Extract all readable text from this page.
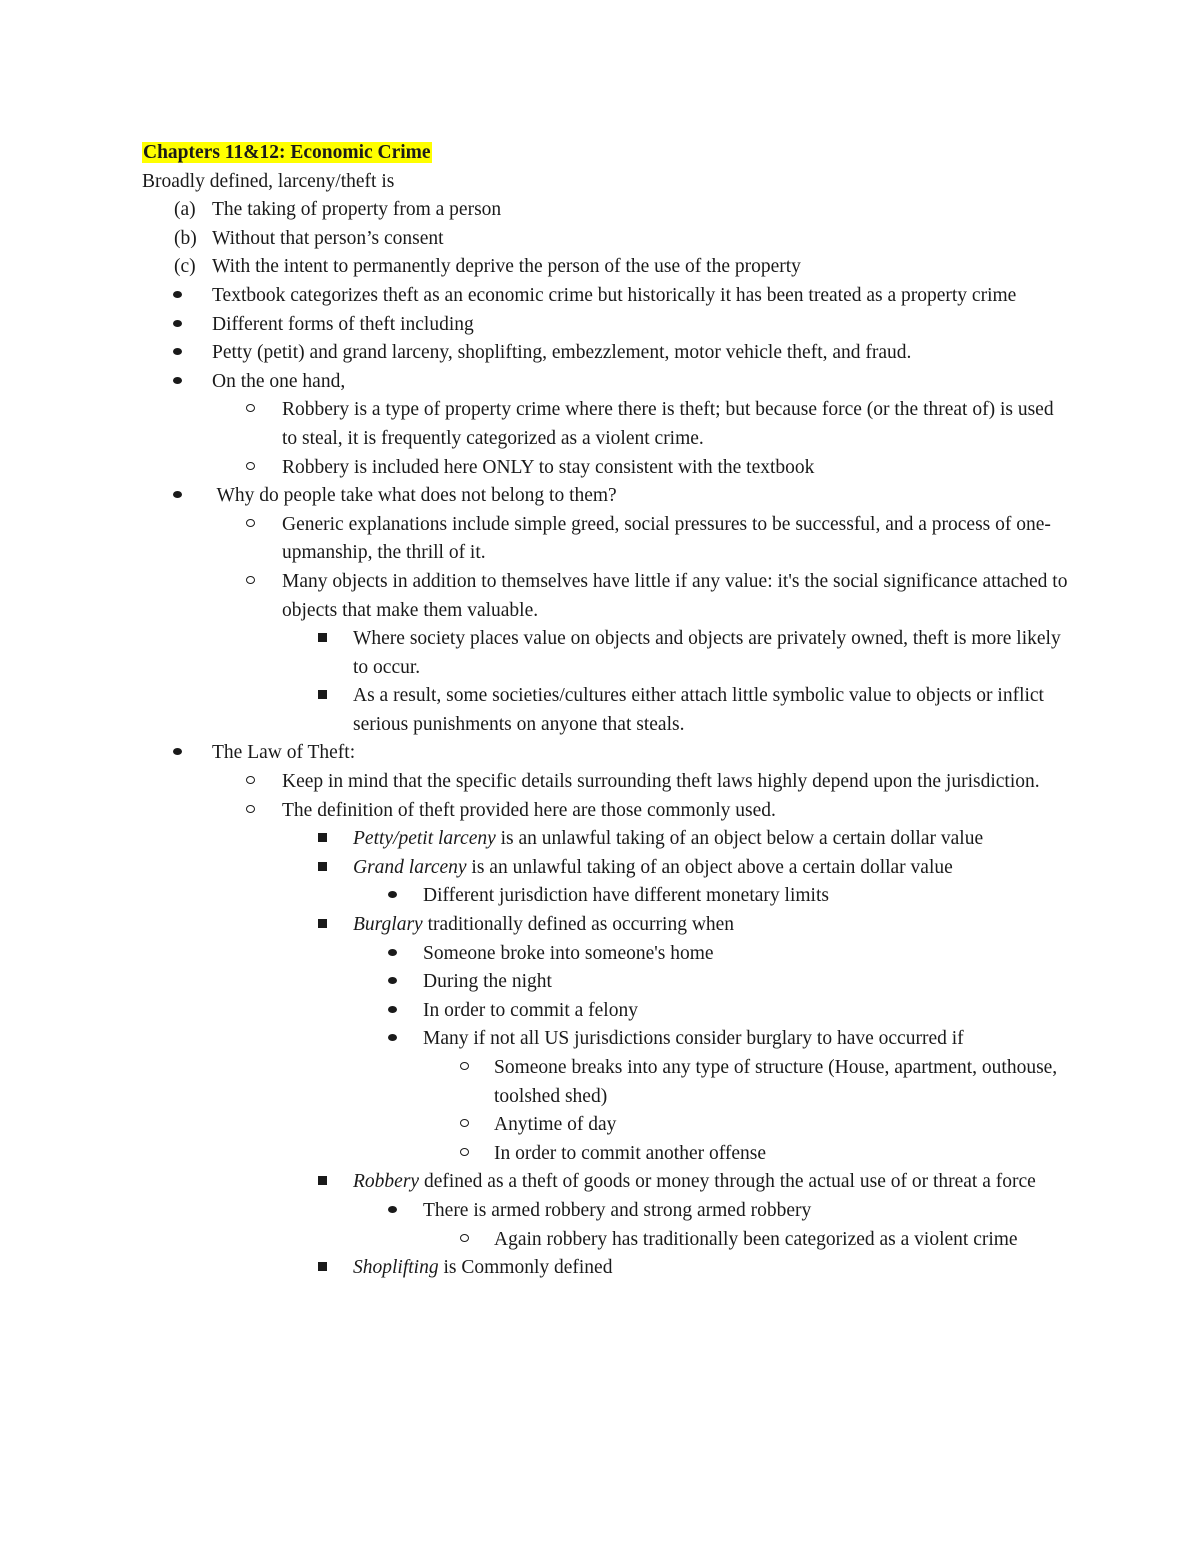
Chapters 11&12: Economic Crime

Broadly defined, larceny/theft is

(a) The taking of property from a person
(b) Without that person’s consent
(c) With the intent to permanently deprive the person of the use of the property
Textbook categorizes theft as an economic crime but historically it has been treated as a property crime
Different forms of theft including
Petty (petit) and grand larceny, shoplifting, embezzlement, motor vehicle theft, and fraud.
On the one hand,
Robbery is a type of property crime where there is theft; but because force (or the threat of) is used to steal, it is frequently categorized as a violent crime.
Robbery is included here ONLY to stay consistent with the textbook
Why do people take what does not belong to them?
Generic explanations include simple greed, social pressures to be successful, and a process of one-upmanship, the thrill of it.
Many objects in addition to themselves have little if any value: it's the social significance attached to objects that make them valuable.
Where society places value on objects and objects are privately owned, theft is more likely to occur.
As a result, some societies/cultures either attach little symbolic value to objects or inflict serious punishments on anyone that steals.
The Law of Theft:
Keep in mind that the specific details surrounding theft laws highly depend upon the jurisdiction.
The definition of theft provided here are those commonly used.
Petty/petit larceny is an unlawful taking of an object below a certain dollar value
Grand larceny is an unlawful taking of an object above a certain dollar value
Different jurisdiction have different monetary limits
Burglary traditionally defined as occurring when
Someone broke into someone's home
During the night
In order to commit a felony
Many if not all US jurisdictions consider burglary to have occurred if
Someone breaks into any type of structure (House, apartment, outhouse, toolshed shed)
Anytime of day
In order to commit another offense
Robbery defined as a theft of goods or money through the actual use of or threat a force
There is armed robbery and strong armed robbery
Again robbery has traditionally been categorized as a violent crime
Shoplifting is Commonly defined
